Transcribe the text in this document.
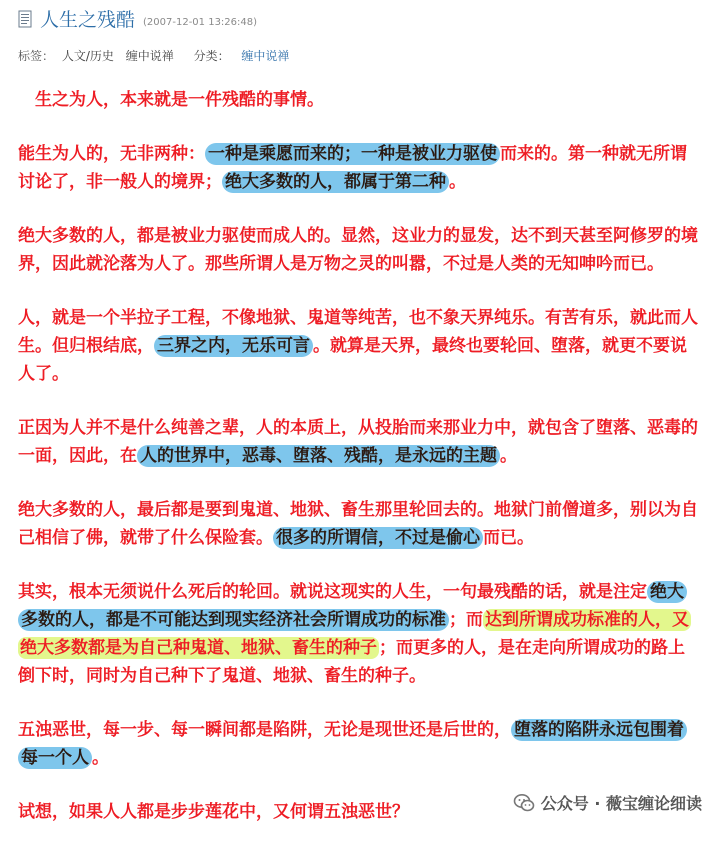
人生之残酷 (2007-12-01 13:26:48)
标签： 人文/历史 缠中说禅 分类： 缠中说禅

生之为人，本来就是一件残酷的事情。

能生为人的，无非两种： 一种是乘愿而来的；一种是被业力驱使 而来的。第一种就无所谓讨论了，非一般人的境界； 绝大多数的人，都属于第二种 。

绝大多数的人，都是被业力驱使而成人的。显然，这业力的显发，达不到天甚至阿修罗的境界，因此就沦落为人了。那些所谓人是万物之灵的叫嚣，不过是人类的无知呻吟而已。

人，就是一个半拉子工程，不像地狱、鬼道等纯苦，也不象天界纯乐。有苦有乐，就此而人生。但归根结底， 三界之内，无乐可言 。就算是天界，最终也要轮回、堕落，就更不要说人了。

正因为人并不是什么纯善之辈，人的本质上，从投胎而来那业力中，就包含了堕落、恶毒的一面，因此，在 人的世界中，恶毒、堕落、残酷，是永远的主题 。

绝大多数的人，最后都是要到鬼道、地狱、畜生那里轮回去的。地狱门前僧道多，别以为自己相信了佛，就带了什么保险套。 很多的所谓信，不过是偷心 而已。

其实，根本无须说什么死后的轮回。就说这现实的人生，一句最残酷的话，就是注定 绝大多数的人，都是不可能达到现实经济社会所谓成功的标准 ；而 达到所谓成功标准的人，又绝大多数都是为自己种鬼道、地狱、畜生的种子 ；而更多的人，是在走向所谓成功的路上倒下时，同时为自己种下了鬼道、地狱、畜生的种子。

五浊恶世，每一步、每一瞬间都是陷阱，无论是现世还是后世的， 堕落的陷阱永远包围着每一个人 。

试想，如果人人都是步步莲花中，又何谓五浊恶世？	公众号 · 薇宝缠论细读
